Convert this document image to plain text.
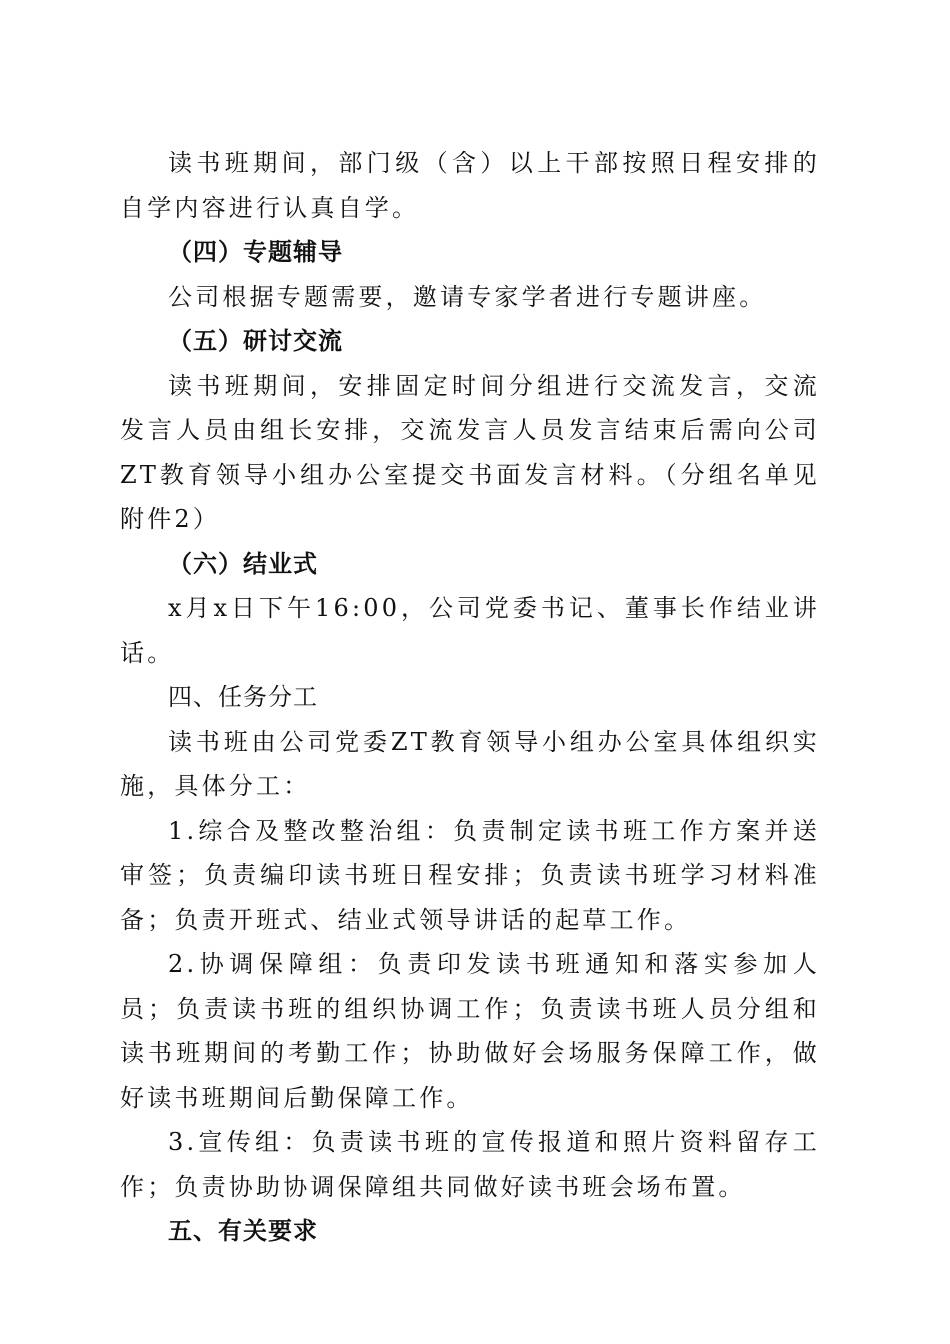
读书班期间，部门级（含）以上干部按照日程安排的自学内容进行认真自学。

（四）专题辅导

公司根据专题需要，邀请专家学者进行专题讲座。

（五）研讨交流

读书班期间，安排固定时间分组进行交流发言，交流发言人员由组长安排，交流发言人员发言结束后需向公司ZT教育领导小组办公室提交书面发言材料。（分组名单见附件2）

（六）结业式

x月x日下午16:00，公司党委书记、董事长作结业讲话。

四、任务分工

读书班由公司党委ZT教育领导小组办公室具体组织实施，具体分工：

1.综合及整改整治组：负责制定读书班工作方案并送审签；负责编印读书班日程安排；负责读书班学习材料准备；负责开班式、结业式领导讲话的起草工作。

2.协调保障组：负责印发读书班通知和落实参加人员；负责读书班的组织协调工作；负责读书班人员分组和读书班期间的考勤工作；协助做好会场服务保障工作，做好读书班期间后勤保障工作。

3.宣传组：负责读书班的宣传报道和照片资料留存工作；负责协助协调保障组共同做好读书班会场布置。

五、有关要求
